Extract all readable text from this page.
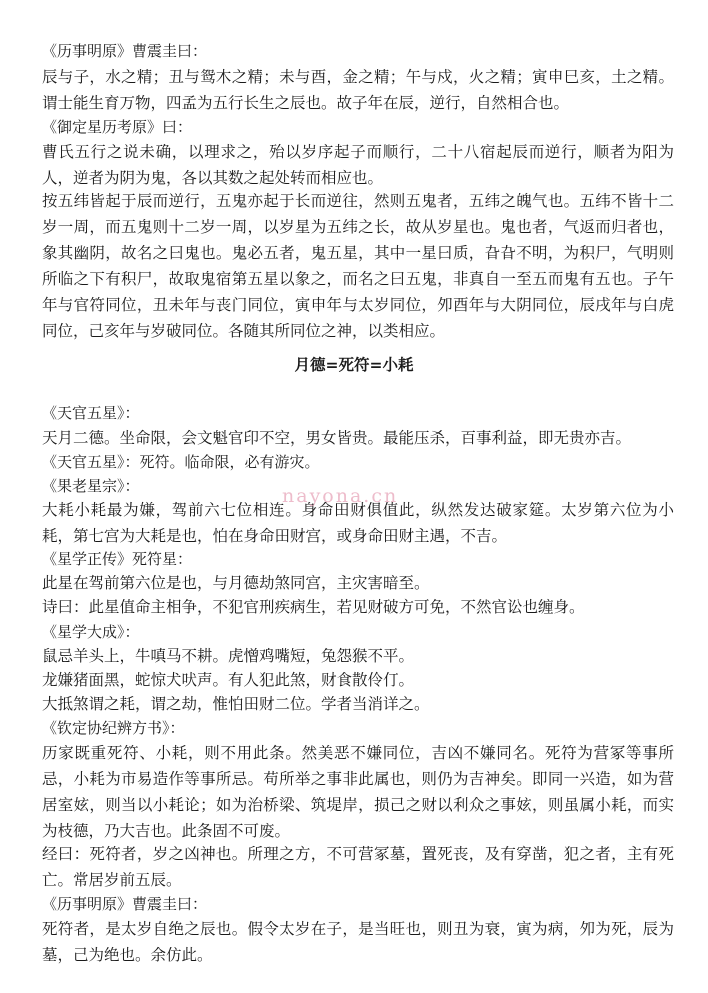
《历事明原》曹震圭曰：
辰与子，水之精；丑与鸳木之精；未与酉，金之精；午与戍，火之精；寅申巳亥，土之精。谓士能生育万物，四孟为五行长生之辰也。故子年在辰，逆行，自然相合也。
《御定星历考原》曰：
曹氏五行之说未确，以理求之，殆以岁序起子而顺行，二十八宿起辰而逆行，顺者为阳为人，逆者为阴为鬼，各以其数之起处转而相应也。
按五纬皆起于辰而逆行，五鬼亦起于长而逆往，然则五鬼者，五纬之魄气也。五纬不皆十二岁一周，而五鬼则十二岁一周，以岁星为五纬之长，故从岁星也。鬼也者，气返而归者也，象其幽阴，故名之曰鬼也。鬼必五者，鬼五星，其中一星曰质，旮旮不明，为积尸，气明则所临之下有积尸，故取鬼宿第五星以象之，而名之曰五鬼，非真自一至五而鬼有五也。子午年与官符同位，丑未年与丧门同位，寅申年与太岁同位，夘酉年与大阴同位，辰戌年与白虎同位，己亥年与岁破同位。各随其所同位之神，以类相应。
月德=死符=小耗
《天官五星》：
天月二德。坐命限，会文魁官印不空，男女皆贵。最能压杀，百事利益，即无贵亦吉。
《天官五星》：死符。临命限，必有游灾。
《果老星宗》：
大耗小耗最为嫌，驾前六七位相连。身命田财俱值此，纵然发达破家筵。太岁第六位为小耗，第七宫为大耗是也，怕在身命田财宫，或身命田财主遇，不吉。
《星学正传》死符星：
此星在驾前第六位是也，与月德劫煞同宫，主灾害暗至。
诗曰：此星值命主相争，不犯官刑疾病生，若见财破方可免，不然官讼也缠身。
《星学大成》：
鼠忌羊头上，牛嗔马不耕。虎憎鸡嘴短，兔怨猴不平。
龙嫌猪面黑，蛇惊犬吠声。有人犯此煞，财食散伶仃。
大抵煞谓之耗，谓之劫，惟怕田财二位。学者当消详之。
《钦定协纪辨方书》：
历家既重死符、小耗，则不用此条。然美恶不嫌同位，吉凶不嫌同名。死符为营冢等事所忌，小耗为市易造作等事所忌。苟所举之事非此属也，则仍为吉神矣。即同一兴造，如为营居室妶，则当以小耗论；如为治桥梁、筑堤岸，损己之财以利众之事妶，则虽属小耗，而实为枝德，乃大吉也。此条固不可废。
经曰：死符者，岁之凶神也。所理之方，不可营冢墓，置死丧，及有穿凿，犯之者，主有死亡。常居岁前五辰。
《历事明原》曹震圭曰：
死符者，是太岁自绝之辰也。假令太岁在子，是当旺也，则丑为衰，寅为病，夘为死，辰为墓，己为绝也。余仿此。
nayona.cn
